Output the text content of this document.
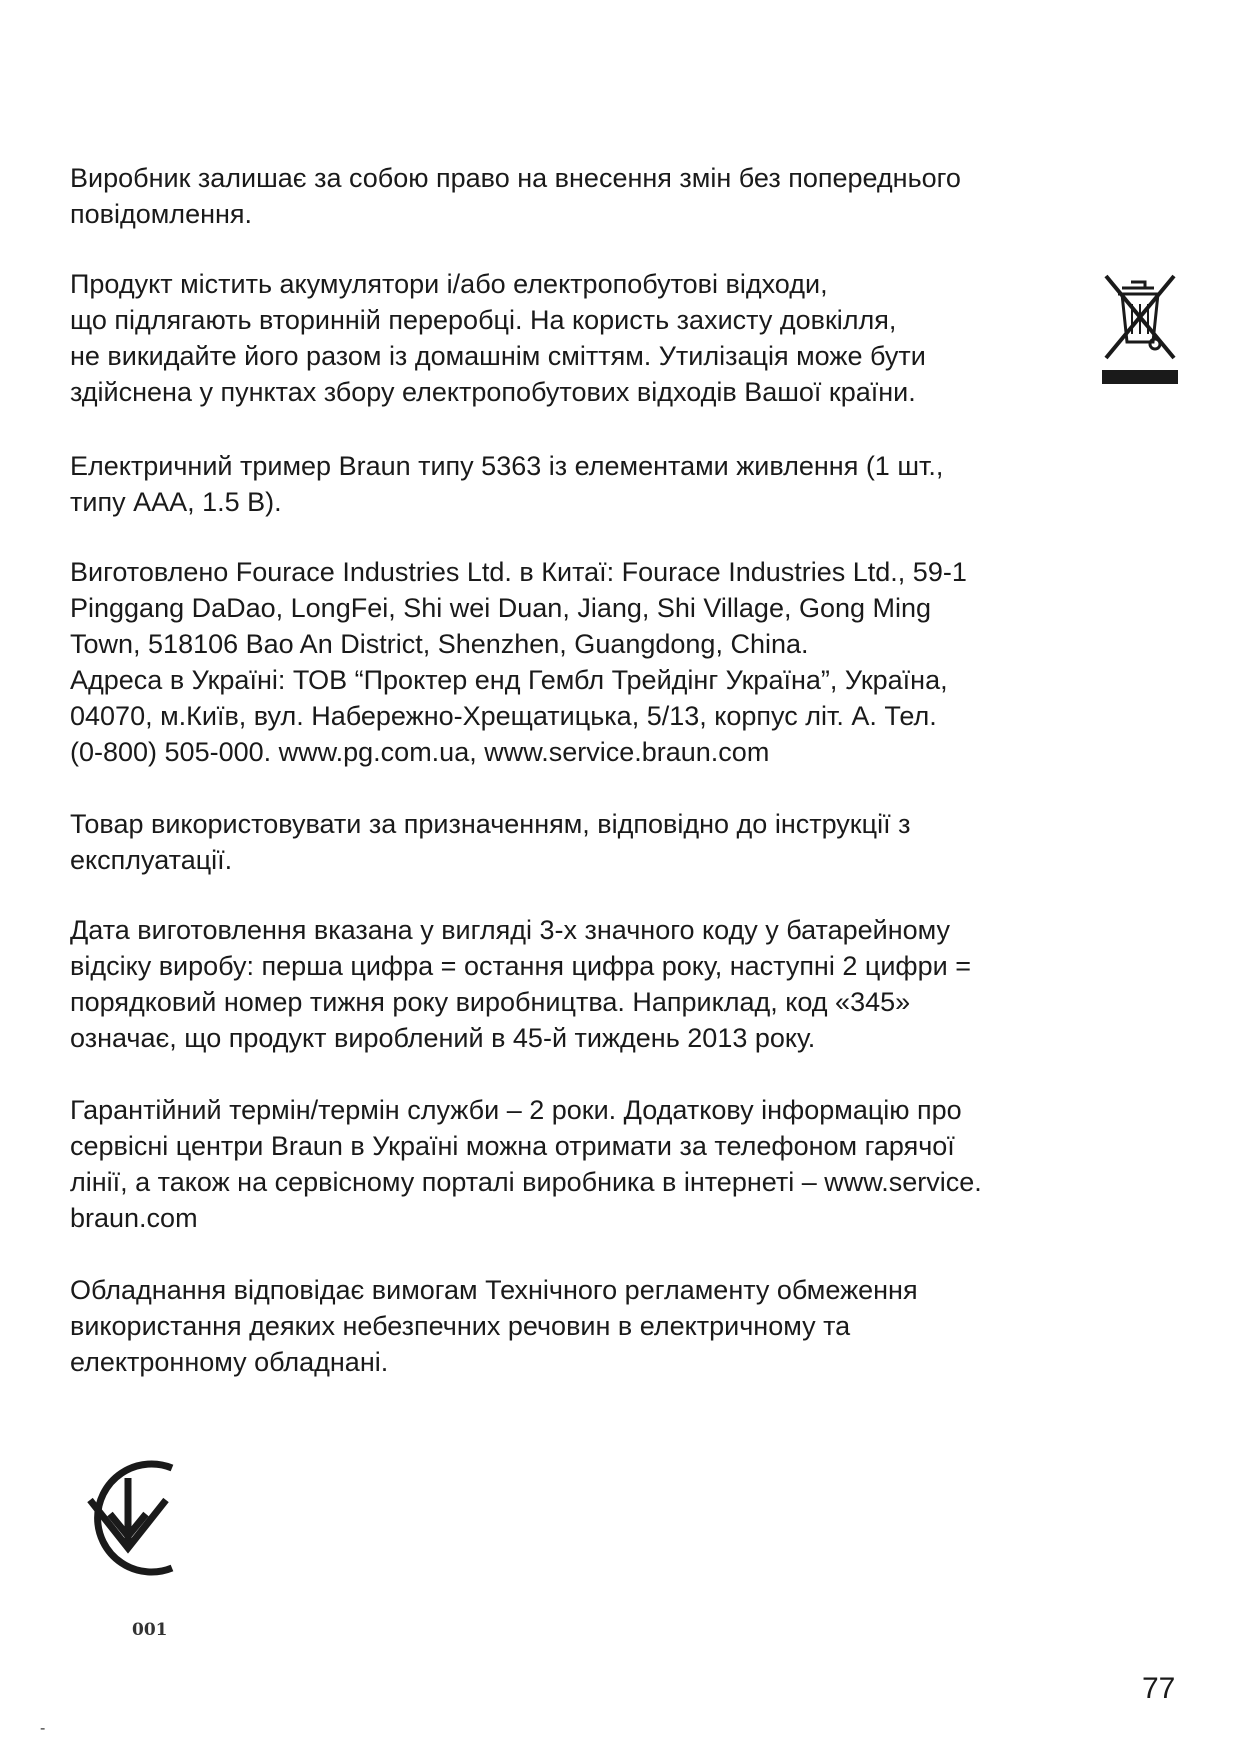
Виробник залишає за собою право на внесення змін без попереднього
повідомлення.

Продукт містить акумулятори і/або електропобутові відходи,
що підлягають вторинній переробці. На користь захисту довкілля,
не викидайте його разом із домашнім сміттям. Утилізація може бути
здійснена у пунктах збору електропобутових відходів Вашої країни.

Електричний тример Braun типу 5363 із елементами живлення (1 шт.,
типу AAA, 1.5 В).

Виготовлено Fourace Industries Ltd. в Китаї: Fourace Industries Ltd., 59-1
Pinggang DaDao, LongFei, Shi wei Duan, Jiang, Shi Village, Gong Ming
Town, 518106 Bao An District, Shenzhen, Guangdong, China.
Адреса в Україні: ТОВ “Проктер енд Гембл Трейдінг Україна”, Україна,
04070, м.Київ, вул. Набережно-Хрещатицька, 5/13, корпус літ. А. Тел.
(0-800) 505-000. www.pg.com.ua, www.service.braun.com

Товар використовувати за призначенням, відповідно до інструкції з
експлуатації.

Дата виготовлення вказана у вигляді 3-х значного коду у батарейному
відсіку виробу: перша цифра = остання цифра року, наступні 2 цифри =
порядковий номер тижня року виробництва. Наприклад, код «345»
означає, що продукт вироблений в 45-й тиждень 2013 року.

Гарантійний термін/термін служби – 2 роки. Додаткову інформацію про
сервісні центри Braun в Україні можна отримати за телефоном гарячої
лінії, а також на сервісному порталі виробника в інтернеті – www.service.
braun.com

Обладнання відповідає вимогам Технічного регламенту обмеження
використання деяких небезпечних речовин в електричному та
електронному обладнані.

001
77
-
